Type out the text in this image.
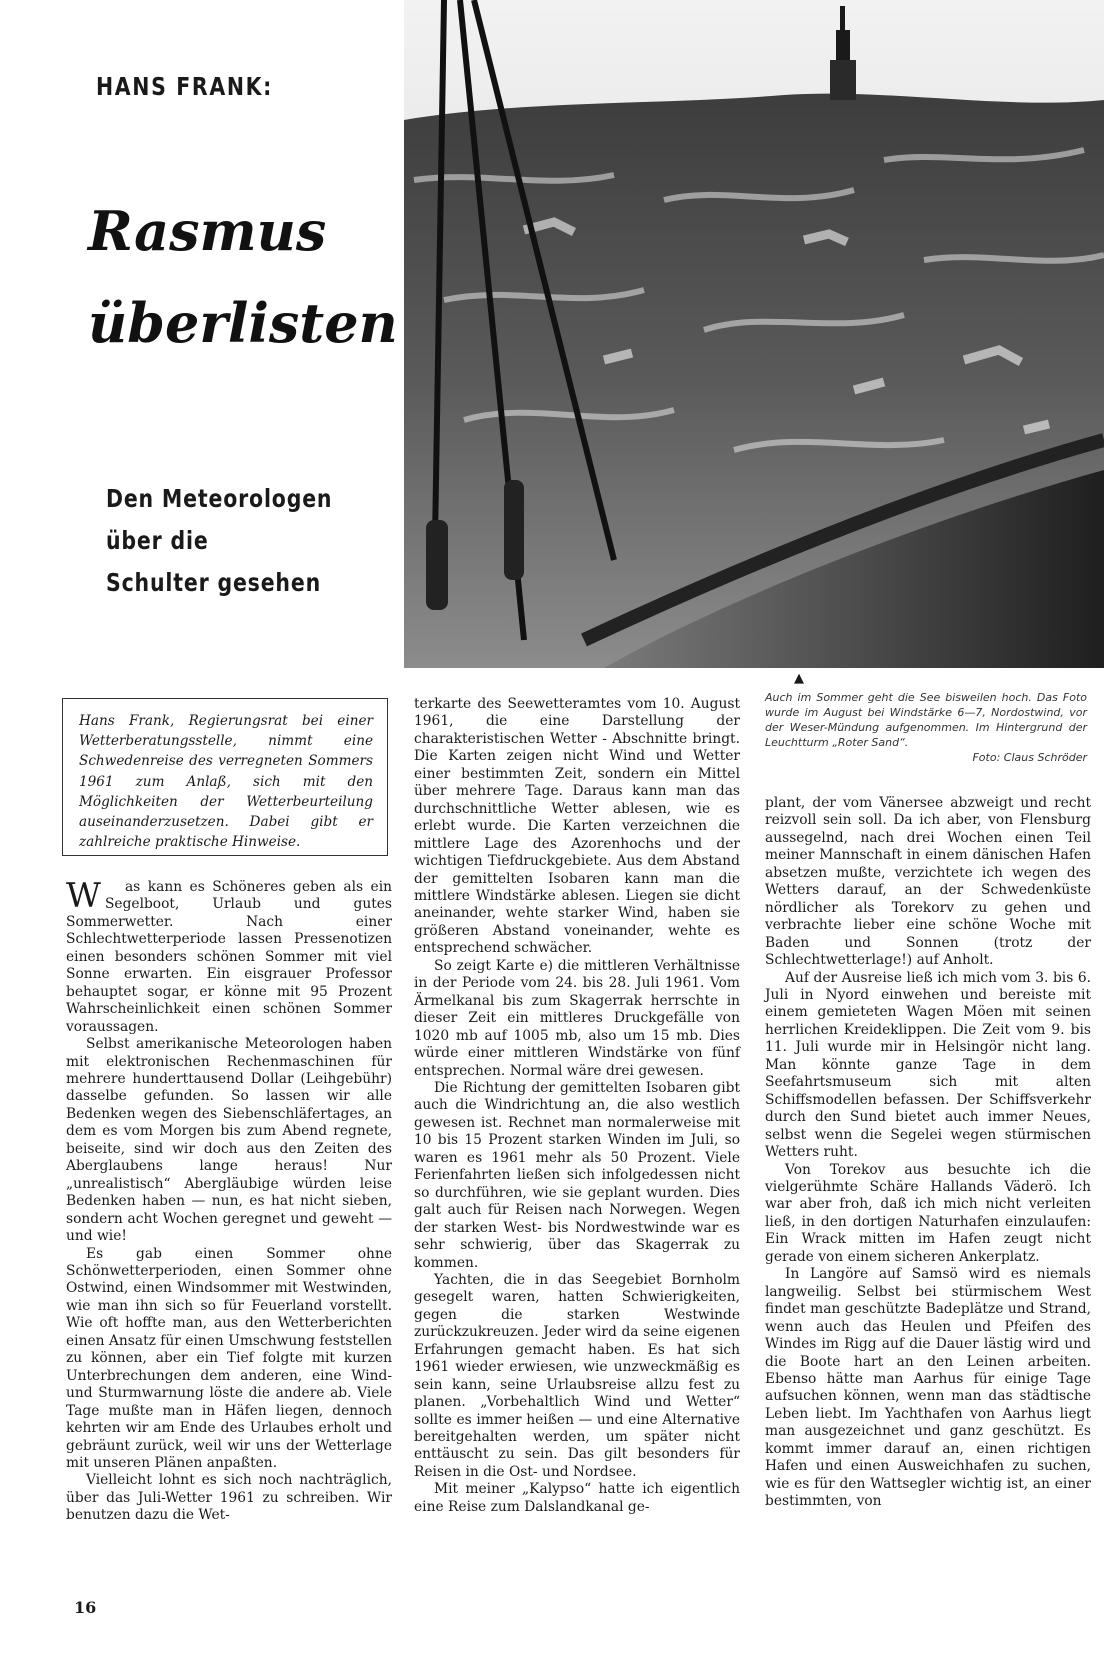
HANS FRANK:
Rasmus
überlisten
Den Meteorologen
über die
Schulter gesehen
▲

Auch im Sommer geht die See bisweilen hoch. Das Foto wurde im August bei Windstärke 6—7, Nordostwind, vor der Weser-Mündung aufgenommen. Im Hintergrund der Leuchtturm „Roter Sand“.
Foto: Claus Schröder

Hans Frank, Regierungsrat bei einer Wetterberatungsstelle, nimmt eine Schwedenreise des verregneten Sommers 1961 zum Anlaß, sich mit den Möglichkeiten der Wetterbeurteilung auseinanderzusetzen. Dabei gibt er zahlreiche praktische Hinweise.

W as kann es Schöneres geben als ein Segelboot, Urlaub und gutes Sommerwetter. Nach einer Schlechtwetterperiode lassen Pressenotizen einen besonders schönen Sommer mit viel Sonne erwarten. Ein eisgrauer Professor behauptet sogar, er könne mit 95 Prozent Wahrscheinlichkeit einen schönen Sommer voraussagen.

Selbst amerikanische Meteorologen haben mit elektronischen Rechenmaschinen für mehrere hunderttausend Dollar (Leihgebühr) dasselbe gefunden. So lassen wir alle Bedenken wegen des Siebenschläfertages, an dem es vom Morgen bis zum Abend regnete, beiseite, sind wir doch aus den Zeiten des Aberglaubens lange heraus! Nur „unrealistisch“ Abergläubige würden leise Bedenken haben — nun, es hat nicht sieben, sondern acht Wochen geregnet und geweht — und wie!

Es gab einen Sommer ohne Schönwetterperioden, einen Sommer ohne Ostwind, einen Windsommer mit Westwinden, wie man ihn sich so für Feuerland vorstellt. Wie oft hoffte man, aus den Wetterberichten einen Ansatz für einen Umschwung feststellen zu können, aber ein Tief folgte mit kurzen Unterbrechungen dem anderen, eine Wind- und Sturmwarnung löste die andere ab. Viele Tage mußte man in Häfen liegen, dennoch kehrten wir am Ende des Urlaubes erholt und gebräunt zurück, weil wir uns der Wetterlage mit unseren Plänen anpaßten.

Vielleicht lohnt es sich noch nachträglich, über das Juli-Wetter 1961 zu schreiben. Wir benutzen dazu die Wet-

terkarte des Seewetteramtes vom 10. August 1961, die eine Darstellung der charakteristischen Wetter - Abschnitte bringt. Die Karten zeigen nicht Wind und Wetter einer bestimmten Zeit, sondern ein Mittel über mehrere Tage. Daraus kann man das durchschnittliche Wetter ablesen, wie es erlebt wurde. Die Karten verzeichnen die mittlere Lage des Azorenhochs und der wichtigen Tiefdruckgebiete. Aus dem Abstand der gemittelten Isobaren kann man die mittlere Windstärke ablesen. Liegen sie dicht aneinander, wehte starker Wind, haben sie größeren Abstand voneinander, wehte es entsprechend schwächer.

So zeigt Karte e) die mittleren Verhältnisse in der Periode vom 24. bis 28. Juli 1961. Vom Ärmelkanal bis zum Skagerrak herrschte in dieser Zeit ein mittleres Druckgefälle von 1020 mb auf 1005 mb, also um 15 mb. Dies würde einer mittleren Windstärke von fünf entsprechen. Normal wäre drei gewesen.

Die Richtung der gemittelten Isobaren gibt auch die Windrichtung an, die also westlich gewesen ist. Rechnet man normalerweise mit 10 bis 15 Prozent starken Winden im Juli, so waren es 1961 mehr als 50 Prozent. Viele Ferienfahrten ließen sich infolgedessen nicht so durchführen, wie sie geplant wurden. Dies galt auch für Reisen nach Norwegen. Wegen der starken West- bis Nordwestwinde war es sehr schwierig, über das Skagerrak zu kommen.

Yachten, die in das Seegebiet Bornholm gesegelt waren, hatten Schwierigkeiten, gegen die starken Westwinde zurückzukreuzen. Jeder wird da seine eigenen Erfahrungen gemacht haben. Es hat sich 1961 wieder erwiesen, wie unzweckmäßig es sein kann, seine Urlaubsreise allzu fest zu planen. „Vorbehaltlich Wind und Wetter“ sollte es immer heißen — und eine Alternative bereitgehalten werden, um später nicht enttäuscht zu sein. Das gilt besonders für Reisen in die Ost- und Nordsee.

Mit meiner „Kalypso“ hatte ich eigentlich eine Reise zum Dalslandkanal ge-

plant, der vom Vänersee abzweigt und recht reizvoll sein soll. Da ich aber, von Flensburg aussegelnd, nach drei Wochen einen Teil meiner Mannschaft in einem dänischen Hafen absetzen mußte, verzichtete ich wegen des Wetters darauf, an der Schwedenküste nördlicher als Torekorv zu gehen und verbrachte lieber eine schöne Woche mit Baden und Sonnen (trotz der Schlechtwetterlage!) auf Anholt.

Auf der Ausreise ließ ich mich vom 3. bis 6. Juli in Nyord einwehen und bereiste mit einem gemieteten Wagen Möen mit seinen herrlichen Kreideklippen. Die Zeit vom 9. bis 11. Juli wurde mir in Helsingör nicht lang. Man könnte ganze Tage in dem Seefahrtsmuseum sich mit alten Schiffsmodellen befassen. Der Schiffsverkehr durch den Sund bietet auch immer Neues, selbst wenn die Segelei wegen stürmischen Wetters ruht.

Von Torekov aus besuchte ich die vielgerühmte Schäre Hallands Väderö. Ich war aber froh, daß ich mich nicht verleiten ließ, in den dortigen Naturhafen einzulaufen: Ein Wrack mitten im Hafen zeugt nicht gerade von einem sicheren Ankerplatz.

In Langöre auf Samsö wird es niemals langweilig. Selbst bei stürmischem West findet man geschützte Badeplätze und Strand, wenn auch das Heulen und Pfeifen des Windes im Rigg auf die Dauer lästig wird und die Boote hart an den Leinen arbeiten. Ebenso hätte man Aarhus für einige Tage aufsuchen können, wenn man das städtische Leben liebt. Im Yachthafen von Aarhus liegt man ausgezeichnet und ganz geschützt. Es kommt immer darauf an, einen richtigen Hafen und einen Ausweichhafen zu suchen, wie es für den Wattsegler wichtig ist, an einer bestimmten, von

16
